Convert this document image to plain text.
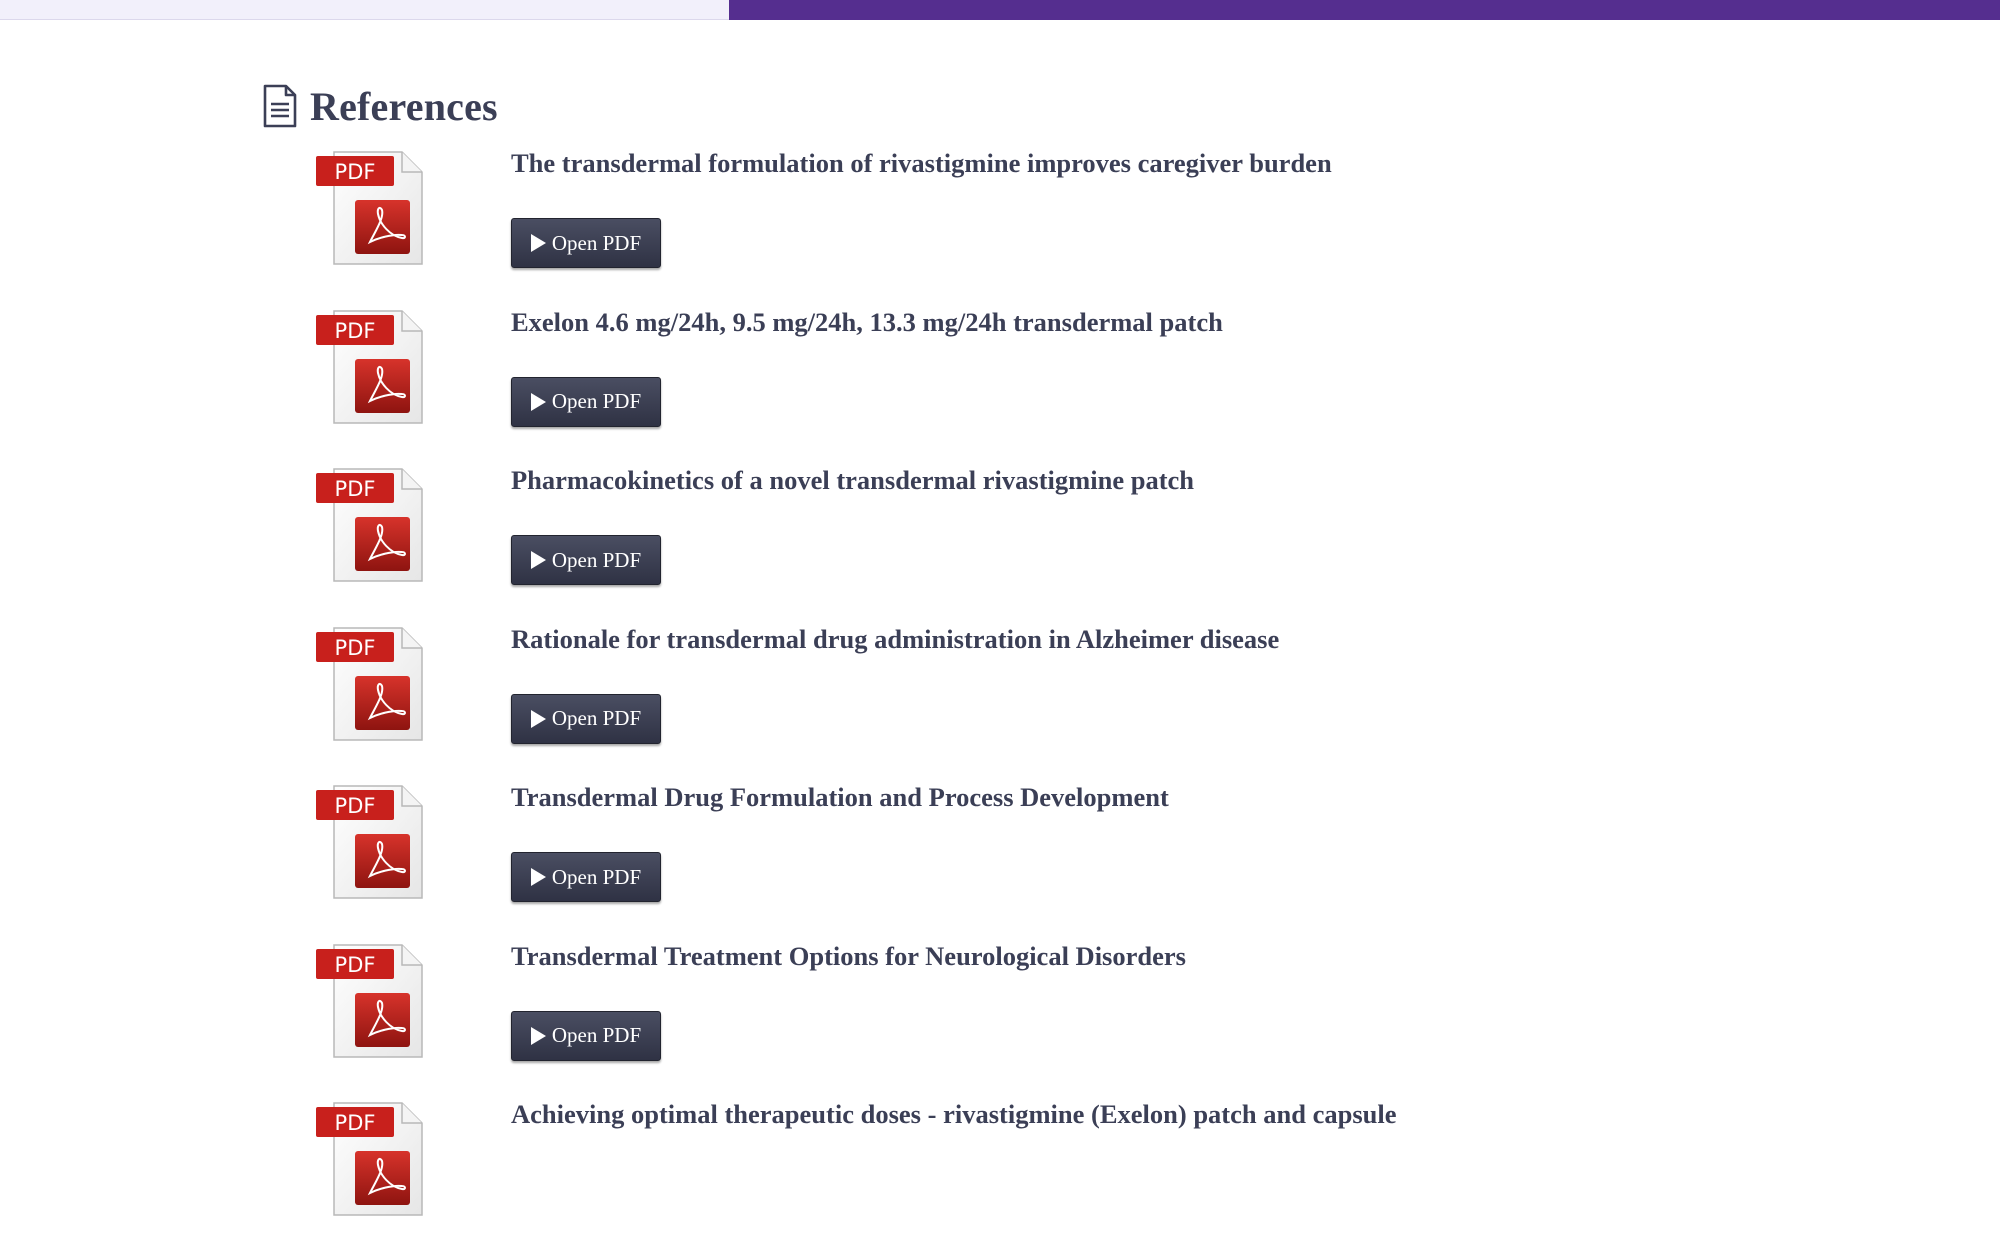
References
PDF	The transdermal formulation of rivastigmine improves caregiver burden
Open PDF
PDF	Exelon 4.6 mg/24h, 9.5 mg/24h, 13.3 mg/24h transdermal patch
Open PDF
PDF	Pharmacokinetics of a novel transdermal rivastigmine patch
Open PDF
PDF	Rationale for transdermal drug administration in Alzheimer disease
Open PDF
PDF	Transdermal Drug Formulation and Process Development
Open PDF
PDF	Transdermal Treatment Options for Neurological Disorders
Open PDF
PDF	Achieving optimal therapeutic doses - rivastigmine (Exelon) patch and capsule
